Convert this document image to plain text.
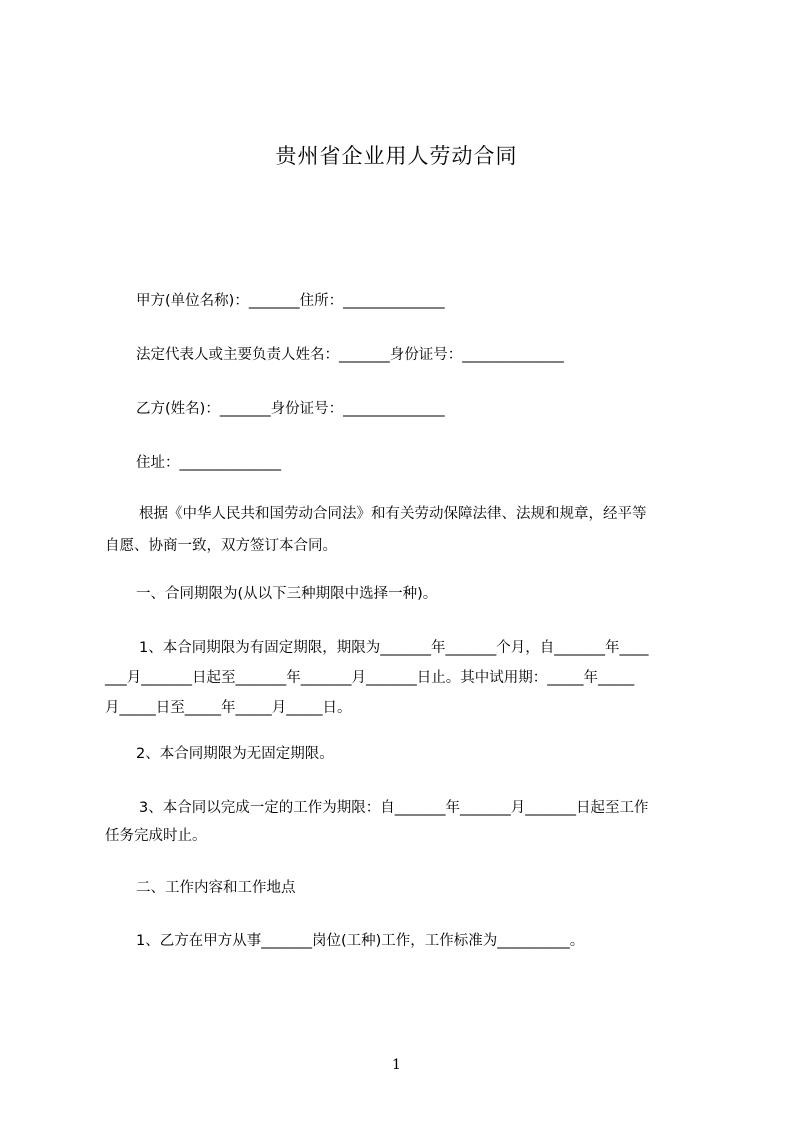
贵州省企业用人劳动合同
甲方(单位名称)：_______住所：______________
法定代表人或主要负责人姓名：_______身份证号：______________
乙方(姓名)：_______身份证号：______________
住址：______________
根据《中华人民共和国劳动合同法》和有关劳动保障法律、法规和规章，经平等
自愿、协商一致，双方签订本合同。
一、合同期限为(从以下三种期限中选择一种)。
1、本合同期限为有固定期限，期限为_______年_______个月，自_______年____
___月_______日起至_______年_______月_______日止。其中试用期：_____年_____
月_____日至_____年_____月_____日。
2、本合同期限为无固定期限。
3、本合同以完成一定的工作为期限：自_______年_______月_______日起至工作
任务完成时止。
二、工作内容和工作地点
1、乙方在甲方从事_______岗位(工种)工作，工作标准为__________。
1
